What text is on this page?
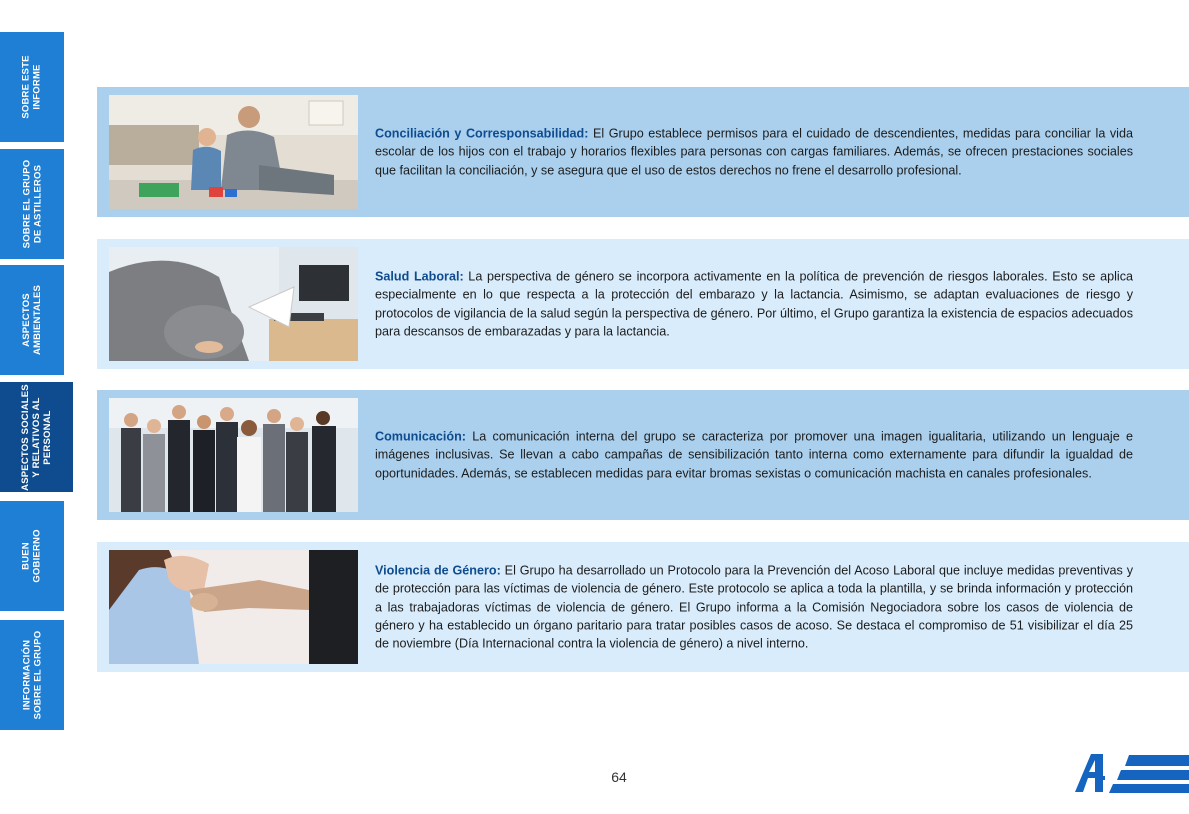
SOBRE ESTE
INFORME
SOBRE EL GRUPO
DE ASTILLEROS
ASPECTOS
AMBIENTALES
ASPECTOS SOCIALES
Y RELATIVOS AL
PERSONAL
BUEN
GOBIERNO
INFORMACIÓN
SOBRE EL GRUPO
Conciliación y Corresponsabilidad: El Grupo establece permisos para el cuidado de descendientes, medidas para conciliar la vida escolar de los hijos con el trabajo y horarios flexibles para personas con cargas familiares. Además, se ofrecen prestaciones sociales que facilitan la conciliación, y se asegura que el uso de estos derechos no frene el desarrollo profesional.
Salud Laboral: La perspectiva de género se incorpora activamente en la política de prevención de riesgos laborales. Esto se aplica especialmente en lo que respecta a la protección del embarazo y la lactancia. Asimismo, se adaptan evaluaciones de riesgo y protocolos de vigilancia de la salud según la perspectiva de género. Por último, el Grupo garantiza la existencia de espacios adecuados para descansos de embarazadas y para la lactancia.
Comunicación: La comunicación interna del grupo se caracteriza por promover una imagen igualitaria, utilizando un lenguaje e imágenes inclusivas. Se llevan a cabo campañas de sensibilización tanto interna como externamente para difundir la igualdad de oportunidades. Además, se establecen medidas para evitar bromas sexistas o comunicación machista en canales profesionales.
Violencia de Género: El Grupo ha desarrollado un Protocolo para la Prevención del Acoso Laboral que incluye medidas preventivas y de protección para las víctimas de violencia de género. Este protocolo se aplica a toda la plantilla, y se brinda información y protección a las trabajadoras víctimas de violencia de género. El Grupo informa a la Comisión Negociadora sobre los casos de violencia de género y ha establecido un órgano paritario para tratar posibles casos de acoso. Se destaca el compromiso de 51 visibilizar el día 25 de noviembre (Día Internacional contra la violencia de género) a nivel interno.
64
